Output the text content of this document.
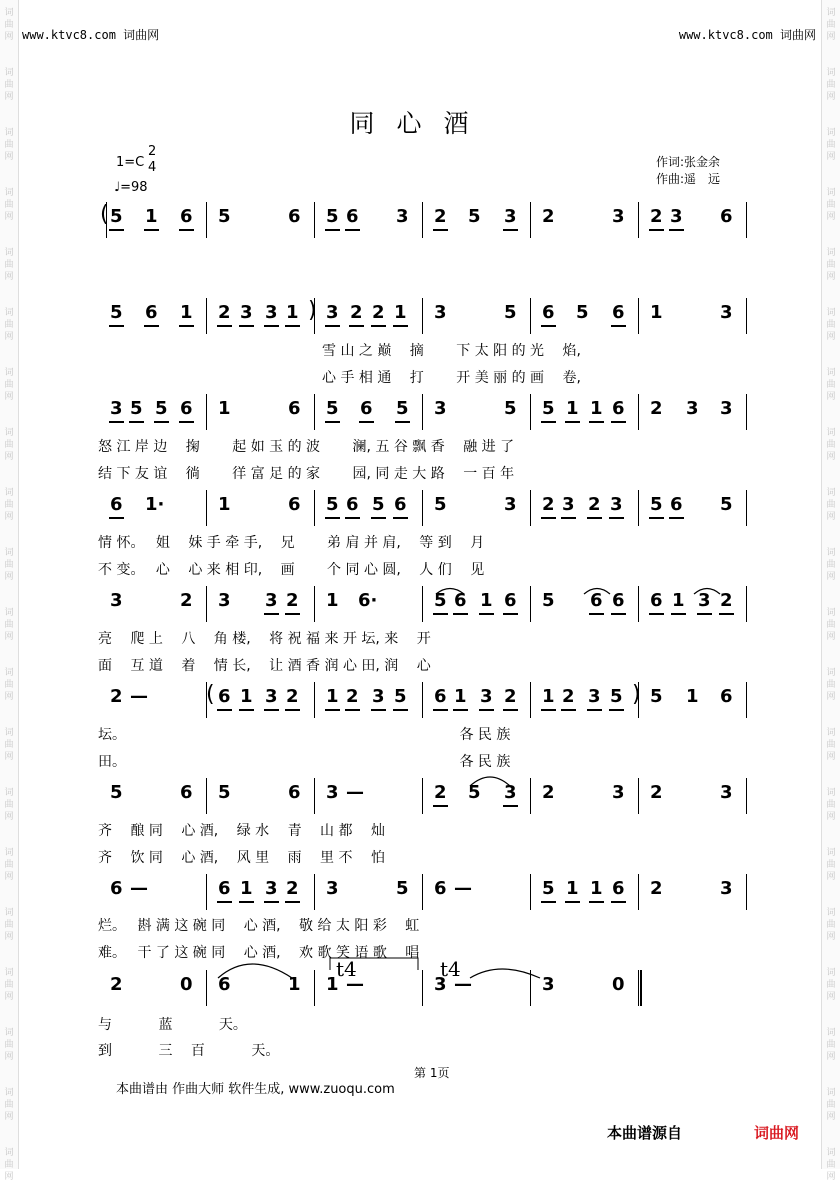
词
曲
网
词
曲
网
词
曲
网
词
曲
网
词
曲
网
词
曲
网
词
曲
网
词
曲
网
词
曲
网
词
曲
网
词
曲
网
词
曲
网
词
曲
网
词
曲
网
词
曲
网
词
曲
网
词
曲
网
词
曲
网
词
曲
网
词
曲
网
词
曲
网
词
曲
网
词
曲
网
词
曲
网
词
曲
网
词
曲
网
词
曲
网
词
曲
网
词
曲
网
词
曲
网
词
曲
网
词
曲
网
词
曲
网
词
曲
网
词
曲
网
词
曲
网
词
曲
网
词
曲
网
词
曲
网
词
曲
网
www.ktvc8.com 词曲网	www.ktvc8.com 词曲网
同心酒
1=C
2
4
♩=98
作词:张金余
作曲:遥　远
( 5 1 6 5	6 5 6 3 2 5 3 2	3 2 3 6
)
5 6 1 2 3 3 1 3 2 2 1 3	5 6 5 6 1	3
3 5 5 6 1	6 5 6 5 3	5 5 1 1 6 2 3 3
6 1·	1	6 5 6 5 6 5	3 2 3 2 3 5 6 5
3	2 3 3 2 1 6·	5 6 1 6 5 6 6 6 1 3 2
(	)
2 —	6 1 3 2 1 2 3 5 6 1 3 2 1 2 3 5 5 1 6
5	6 5	6 3 —	2 5 3 2	3 2	3
6 —	6 1 3 2 3	5 6 —	5 1 1 6 2	3
2	0 6	1 1 —	3 —	3	0
雪 山 之 巅　 摘　　 下 太 阳 的 光　 焰,
心 手 相 通　 打　　 开 美 丽 的 画　 卷,
怒 江 岸 边　 掬　　 起 如 玉 的 波　　 澜, 五 谷 飘 香　 融 进 了
结 下 友 谊　 徜　　 徉 富 足 的 家　　 园, 同 走 大 路　 一 百 年
情 怀。　 姐　 妹 手 牵 手,　 兄　　 弟 肩 并 肩,　 等 到　 月
不 变。　 心　 心 来 相 印,　 画　　 个 同 心 圆,　 人 们　 见
亮　 爬 上　 八　 角 楼,　 将 祝 福 来 开 坛, 来　 开
面　 互 道　 着　 情 长,　 让 酒 香 润 心 田, 润　 心
坛。　　　　　　　　　　　　　　　　　　　　　　　　 各 民 族
田。　　　　　　　　　　　　　　　　　　　　　　　　 各 民 族
齐　 酿 同　 心 酒,　 绿 水　 青　 山 都　 灿
齐　 饮 同　 心 酒,　 风 里　 雨　 里 不　 怕
烂。　 斟 满 这 碗 同　 心 酒,　 敬 给 太 阳 彩　 虹
难。　 干 了 这 碗 同　 心 酒,　 欢 歌 笑 语 歌　 唱
与　　　 蓝　　　 天。
到　　　 三　 百　　　 天。
t4	t4
第 1页
本曲谱由 作曲大师 软件生成, www.zuoqu.com
本曲谱源自	词曲网
